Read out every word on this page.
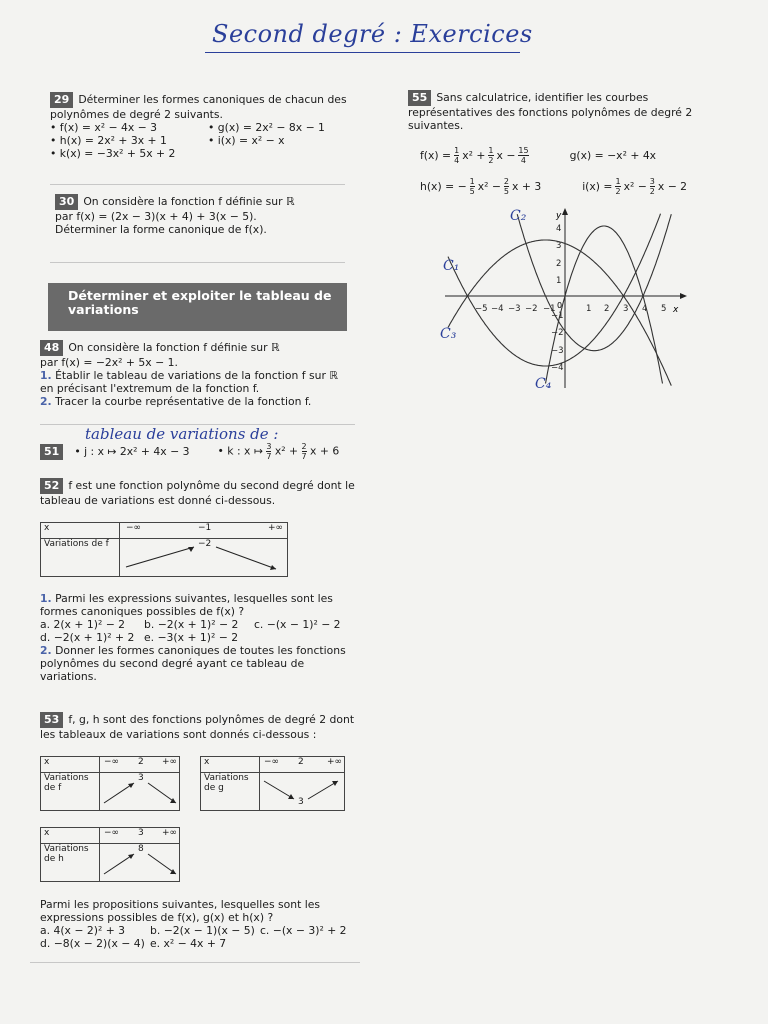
Second degré : Exercices
29 Déterminer les formes canoniques de chacun des polynômes de degré 2 suivants.
• f(x) = x² − 4x − 3	• g(x) = 2x² − 8x − 1
• h(x) = 2x² + 3x + 1	• i(x) = x² − x
• k(x) = −3x² + 5x + 2
30 On considère la fonction f définie sur ℝ
par f(x) = (2x − 3)(x + 4) + 3(x − 5).
Déterminer la forme canonique de f(x).
Déterminer et exploiter le tableau de variations
48 On considère la fonction f définie sur ℝ
par f(x) = −2x² + 5x − 1.
1. Établir le tableau de variations de la fonction f sur ℝ en précisant l'extremum de la fonction f.
2. Tracer la courbe représentative de la fonction f.
tableau de variations de :
51	• j : x ↦ 2x² + 4x − 3	• k : x ↦ $\frac{3}{7} x^2 + \frac{2}{7}$ x + 6
52 f est une fonction polynôme du second degré dont le tableau de variations est donné ci-dessous.
x	−∞ −1 +∞

Variations de f	−2
1. Parmi les expressions suivantes, lesquelles sont les formes canoniques possibles de f(x) ?
a. 2(x + 1)² − 2	b. −2(x + 1)² − 2	c. −(x − 1)² − 2
d. −2(x + 1)² + 2 e. −3(x + 1)² − 2
2. Donner les formes canoniques de toutes les fonctions polynômes du second degré ayant ce tableau de variations.
53 f, g, h sont des fonctions polynômes de degré 2 dont les tableaux de variations sont donnés ci-dessous :
x	−∞ 2 +∞

Variations de f	3
x	−∞ 2 +∞

Variations de g	3
x	−∞ 3 +∞

Variations de h	8
Parmi les propositions suivantes, lesquelles sont les expressions possibles de f(x), g(x) et h(x) ?
a. 4(x − 2)² + 3	b. −2(x − 1)(x − 5) c. −(x − 3)² + 2
d. −8(x − 2)(x − 4) e. x² − 4x + 7
55 Sans calculatrice, identifier les courbes représentatives des fonctions polynômes de degré 2 suivantes.
$f(x) = \frac{1}{4} x^2 + \frac{1}{2}$ $x - \frac{15}{4}$	g(x) = −x² + 4x
h(x) = − $\frac{1}{5} x^2 - \frac{2}{5}$ x + 3	$i(x) = \frac{1}{2} x^2 - \frac{3}{2}$ x − 2
x
y
0
−5 −4 −3 −2 −1	1 2 3 4 5
4
3
2
1
−1
−2
−3
−4
C₂
C₁
C₃
C₄
